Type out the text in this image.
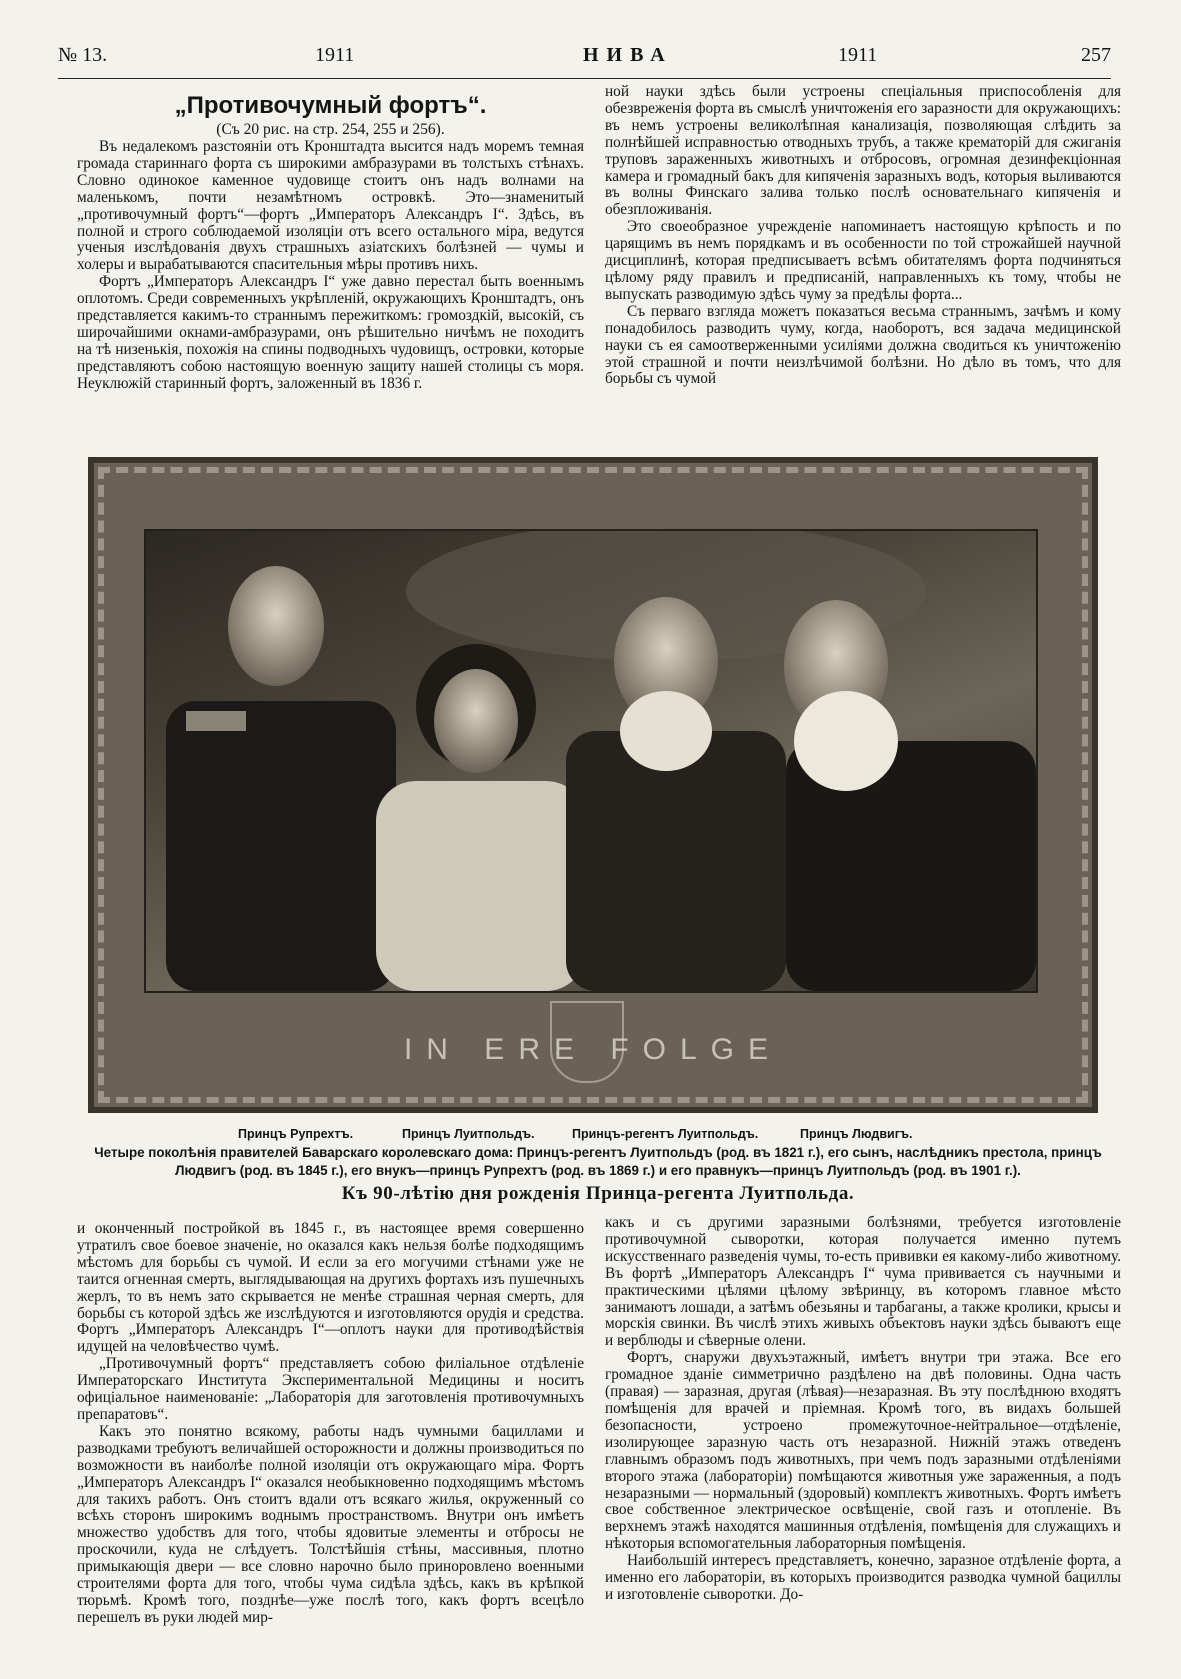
№ 13.	1911	НИВА	1911	257
„Противочумный фортъ“.
(Съ 20 рис. на стр. 254, 255 и 256).

Въ недалекомъ разстояніи отъ Кронштадта высится надъ моремъ темная громада стариннаго форта съ широкими амбразурами въ толстыхъ стѣнахъ. Словно одинокое каменное чудовище стоитъ онъ надъ волнами на маленькомъ, почти незамѣтномъ островкѣ. Это—знаменитый „противочумный фортъ“—фортъ „Императоръ Александръ I“. Здѣсь, въ полной и строго соблюдаемой изоляціи отъ всего остального міра, ведутся ученыя изслѣдованія двухъ страшныхъ азіатскихъ болѣзней — чумы и холеры и вырабатываются спасительныя мѣры противъ нихъ.

Фортъ „Императоръ Александръ I“ уже давно перестал быть военнымъ оплотомъ. Среди современныхъ укрѣпленій, окружающихъ Кронштадтъ, онъ представляется какимъ-то страннымъ пережиткомъ: громоздкій, высокій, съ широчайшими окнами-амбразурами, онъ рѣшительно ничѣмъ не походитъ на тѣ низенькія, похожія на спины подводныхъ чудовищъ, островки, которые представляютъ собою настоящую военную защиту нашей столицы съ моря. Неуклюжій старинный фортъ, заложенный въ 1836 г.

ной науки здѣсь были устроены спеціальныя приспособленія для обезвреженія форта въ смыслѣ уничтоженія его заразности для окружающихъ: въ немъ устроены великолѣпная канализація, позволяющая слѣдить за полнѣйшей исправностью отводныхъ трубъ, а также крематорій для сжиганія труповъ зараженныхъ животныхъ и отбросовъ, огромная дезинфекціонная камера и громадный бакъ для кипяченія заразныхъ водъ, которыя выливаются въ волны Финскаго залива только послѣ основательнаго кипяченія и обезпложиванія.

Это своеобразное учрежденіе напоминаетъ настоящую крѣпость и по царящимъ въ немъ порядкамъ и въ особенности по той строжайшей научной дисциплинѣ, которая предписываетъ всѣмъ обитателямъ форта подчиняться цѣлому ряду правилъ и предписаній, направленныхъ къ тому, чтобы не выпускать разводимую здѣсь чуму за предѣлы форта...

Съ перваго взгляда можетъ показаться весьма страннымъ, зачѣмъ и кому понадобилось разводить чуму, когда, наоборотъ, вся задача медицинской науки съ ея самоотверженными усиліями должна сводиться къ уничтоженію этой страшной и почти неизлѣчимой болѣзни. Но дѣло въ томъ, что для борьбы съ чумой

IN ERE FOLGE
Принцъ Рупрехтъ.	Принцъ Луитпольдъ.	Принцъ-регентъ Луитпольдъ.	Принцъ Людвигъ.
Четыре поколѣнія правителей Баварскаго королевскаго дома: Принцъ-регентъ Луитпольдъ (род. въ 1821 г.), его сынъ, наслѣдникъ престола, принцъ Людвигъ (род. въ 1845 г.), его внукъ—принцъ Рупрехтъ (род. въ 1869 г.) и его правнукъ—принцъ Луитпольдъ (род. въ 1901 г.).
Къ 90-лѣтію дня рожденія Принца-регента Луитпольда.

и оконченный постройкой въ 1845 г., въ настоящее время совершенно утратилъ свое боевое значеніе, но оказался какъ нельзя болѣе подходящимъ мѣстомъ для борьбы съ чумой. И если за его могучими стѣнами уже не таится огненная смерть, выглядывающая на другихъ фортахъ изъ пушечныхъ жерлъ, то въ немъ зато скрывается не менѣе страшная черная смерть, для борьбы съ которой здѣсь же изслѣдуются и изготовляются орудія и средства. Фортъ „Императоръ Александръ I“—оплотъ науки для противодѣйствія идущей на человѣчество чумѣ.

„Противочумный фортъ“ представляетъ собою филіальное отдѣленіе Императорскаго Института Экспериментальной Медицины и носитъ офиціальное наименованіе: „Лабораторія для заготовленія противочумныхъ препаратовъ“.

Какъ это понятно всякому, работы надъ чумными бациллами и разводками требуютъ величайшей осторожности и должны производиться по возможности въ наиболѣе полной изоляціи отъ окружающаго міра. Фортъ „Императоръ Александръ I“ оказался необыкновенно подходящимъ мѣстомъ для такихъ работъ. Онъ стоитъ вдали отъ всякаго жилья, окруженный со всѣхъ сторонъ широкимъ воднымъ пространствомъ. Внутри онъ имѣетъ множество удобствъ для того, чтобы ядовитые элементы и отбросы не проскочили, куда не слѣдуетъ. Толстѣйшія стѣны, массивныя, плотно примыкающія двери — все словно нарочно было приноровлено военными строителями форта для того, чтобы чума сидѣла здѣсь, какъ въ крѣпкой тюрьмѣ. Кромѣ того, позднѣе—уже послѣ того, какъ фортъ всецѣло перешелъ въ руки людей мир-

какъ и съ другими заразными болѣзнями, требуется изготовленіе противочумной сыворотки, которая получается именно путемъ искусственнаго разведенія чумы, то-есть прививки ея какому-либо животному. Въ фортѣ „Императоръ Александръ I“ чума прививается съ научными и практическими цѣлями цѣлому звѣринцу, въ которомъ главное мѣсто занимаютъ лошади, а затѣмъ обезьяны и тарбаганы, а также кролики, крысы и морскія свинки. Въ числѣ этихъ живыхъ объектовъ науки здѣсь бываютъ еще и верблюды и сѣверные олени.

Фортъ, снаружи двухъэтажный, имѣетъ внутри три этажа. Все его громадное зданіе симметрично раздѣлено на двѣ половины. Одна часть (правая) — заразная, другая (лѣвая)—незаразная. Въ эту послѣднюю входятъ помѣщенія для врачей и пріемная. Кромѣ того, въ видахъ большей безопасности, устроено промежуточное-нейтральное—отдѣленіе, изолирующее заразную часть отъ незаразной. Нижній этажъ отведенъ главнымъ образомъ подъ животныхъ, при чемъ подъ заразными отдѣленіями второго этажа (лабораторіи) помѣщаются животныя уже зараженныя, а подъ незаразными — нормальный (здоровый) комплектъ животныхъ. Фортъ имѣетъ свое собственное электрическое освѣщеніе, свой газъ и отопленіе. Въ верхнемъ этажѣ находятся машинныя отдѣленія, помѣщенія для служащихъ и нѣкоторыя вспомогательныя лабораторныя помѣщенія.

Наибольшій интересъ представляетъ, конечно, заразное отдѣленіе форта, а именно его лабораторіи, въ которыхъ производится разводка чумной бациллы и изготовленіе сыворотки. До-
